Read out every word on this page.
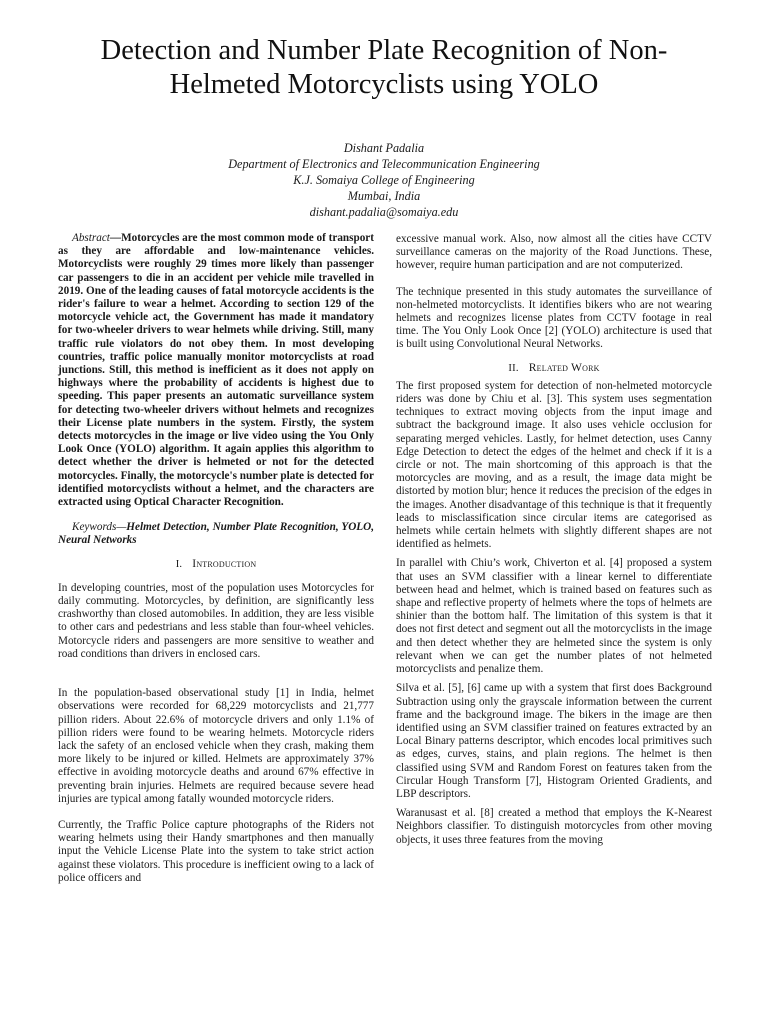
Detection and Number Plate Recognition of Non-
Helmeted Motorcyclists using YOLO
Dishant Padalia
Department of Electronics and Telecommunication Engineering
K.J. Somaiya College of Engineering
Mumbai, India
dishant.padalia@somaiya.edu

Abstract—Motorcycles are the most common mode of transport as they are affordable and low-maintenance vehicles. Motorcyclists were roughly 29 times more likely than passenger car passengers to die in an accident per vehicle mile travelled in 2019. One of the leading causes of fatal motorcycle accidents is the rider's failure to wear a helmet. According to section 129 of the motorcycle vehicle act, the Government has made it mandatory for two-wheeler drivers to wear helmets while driving. Still, many traffic rule violators do not obey them. In most developing countries, traffic police manually monitor motorcyclists at road junctions. Still, this method is inefficient as it does not apply on highways where the probability of accidents is highest due to speeding. This paper presents an automatic surveillance system for detecting two-wheeler drivers without helmets and recognizes their License plate numbers in the system. Firstly, the system detects motorcycles in the image or live video using the You Only Look Once (YOLO) algorithm. It again applies this algorithm to detect whether the driver is helmeted or not for the detected motorcycles. Finally, the motorcycle's number plate is detected for identified motorcyclists without a helmet, and the characters are extracted using Optical Character Recognition.

Keywords—Helmet Detection, Number Plate Recognition, YOLO, Neural Networks

I. Introduction

In developing countries, most of the population uses Motorcycles for daily commuting. Motorcycles, by definition, are significantly less crashworthy than closed automobiles. In addition, they are less visible to other cars and pedestrians and less stable than four-wheel vehicles. Motorcycle riders and passengers are more sensitive to weather and road conditions than drivers in enclosed cars.

In the population-based observational study [1] in India, helmet observations were recorded for 68,229 motorcyclists and 21,777 pillion riders. About 22.6% of motorcycle drivers and only 1.1% of pillion riders were found to be wearing helmets. Motorcycle riders lack the safety of an enclosed vehicle when they crash, making them more likely to be injured or killed. Helmets are approximately 37% effective in avoiding motorcycle deaths and around 67% effective in preventing brain injuries. Helmets are required because severe head injuries are typical among fatally wounded motorcycle riders.

Currently, the Traffic Police capture photographs of the Riders not wearing helmets using their Handy smartphones and then manually input the Vehicle License Plate into the system to take strict action against these violators. This procedure is inefficient owing to a lack of police officers and

excessive manual work. Also, now almost all the cities have CCTV surveillance cameras on the majority of the Road Junctions. These, however, require human participation and are not computerized.

The technique presented in this study automates the surveillance of non-helmeted motorcyclists. It identifies bikers who are not wearing helmets and recognizes license plates from CCTV footage in real time. The You Only Look Once [2] (YOLO) architecture is used that is built using Convolutional Neural Networks.

II. Related Work

The first proposed system for detection of non-helmeted motorcycle riders was done by Chiu et al. [3]. This system uses segmentation techniques to extract moving objects from the input image and subtract the background image. It also uses vehicle occlusion for separating merged vehicles. Lastly, for helmet detection, uses Canny Edge Detection to detect the edges of the helmet and check if it is a circle or not. The main shortcoming of this approach is that the motorcycles are moving, and as a result, the image data might be distorted by motion blur; hence it reduces the precision of the edges in the images. Another disadvantage of this technique is that it frequently leads to misclassification since circular items are categorised as helmets while certain helmets with slightly different shapes are not identified as helmets.

In parallel with Chiu’s work, Chiverton et al. [4] proposed a system that uses an SVM classifier with a linear kernel to differentiate between head and helmet, which is trained based on features such as shape and reflective property of helmets where the tops of helmets are shinier than the bottom half. The limitation of this system is that it does not first detect and segment out all the motorcyclists in the image and then detect whether they are helmeted since the system is only relevant when we can get the number plates of not helmeted motorcyclists and penalize them.

Silva et al. [5], [6] came up with a system that first does Background Subtraction using only the grayscale information between the current frame and the background image. The bikers in the image are then identified using an SVM classifier trained on features extracted by an Local Binary patterns descriptor, which encodes local primitives such as edges, curves, stains, and plain regions. The helmet is then classified using SVM and Random Forest on features taken from the Circular Hough Transform [7], Histogram Oriented Gradients, and LBP descriptors.

Waranusast et al. [8] created a method that employs the K-Nearest Neighbors classifier. To distinguish motorcycles from other moving objects, it uses three features from the moving
